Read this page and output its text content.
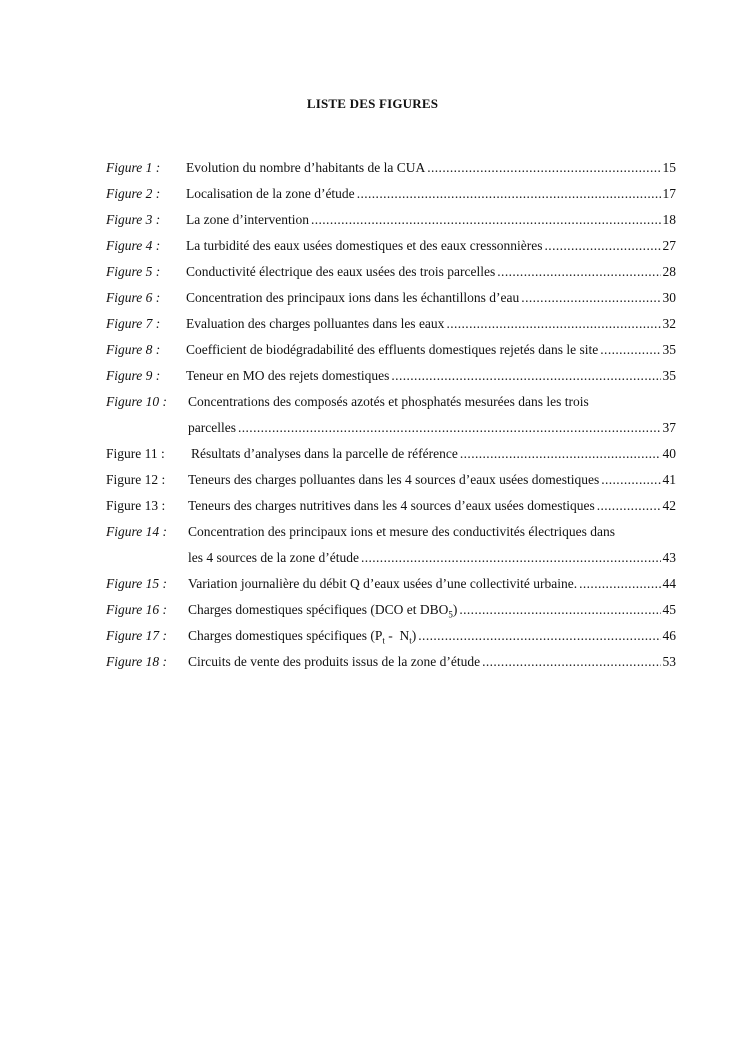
LISTE DES FIGURES
Figure 1 : Evolution du nombre d’habitants de la CUA .....	15
Figure 2 : Localisation de la zone d’étude .....	17
Figure 3 : La zone d’intervention .....	18
Figure 4 : La turbidité des eaux usées domestiques et des eaux cressonnières .....	27
Figure 5 : Conductivité électrique des eaux usées des trois parcelles .....	28
Figure 6 : Concentration des principaux ions dans les échantillons d’eau .....	30
Figure 7 : Evaluation des charges polluantes dans les eaux .....	32
Figure 8 : Coefficient de biodégradabilité des effluents domestiques rejetés dans le site .....	35
Figure 9 : Teneur en MO des rejets domestiques .....	35
Figure 10 : Concentrations des composés azotés et phosphatés mesurées dans les trois
parcelles .....	37
Figure 11 : Résultats d’analyses dans la parcelle de référence .....	40
Figure 12 : Teneurs des charges polluantes dans les 4 sources d’eaux usées domestiques .....	41
Figure 13 : Teneurs des charges nutritives dans les 4 sources d’eaux usées domestiques .....	42
Figure 14 : Concentration des principaux ions et mesure des conductivités électriques dans
les 4 sources de la zone d’étude .....	43
Figure 15 : Variation journalière du débit Q d’eaux usées d’une collectivité urbaine. .....	44
Figure 16 : Charges domestiques spécifiques (DCO et $DBO_5$) .....	45
Figure 17 : Charges domestiques spécifiques $(P_t - N_t)$ .....	46
Figure 18 : Circuits de vente des produits issus de la zone d’étude .....	53
